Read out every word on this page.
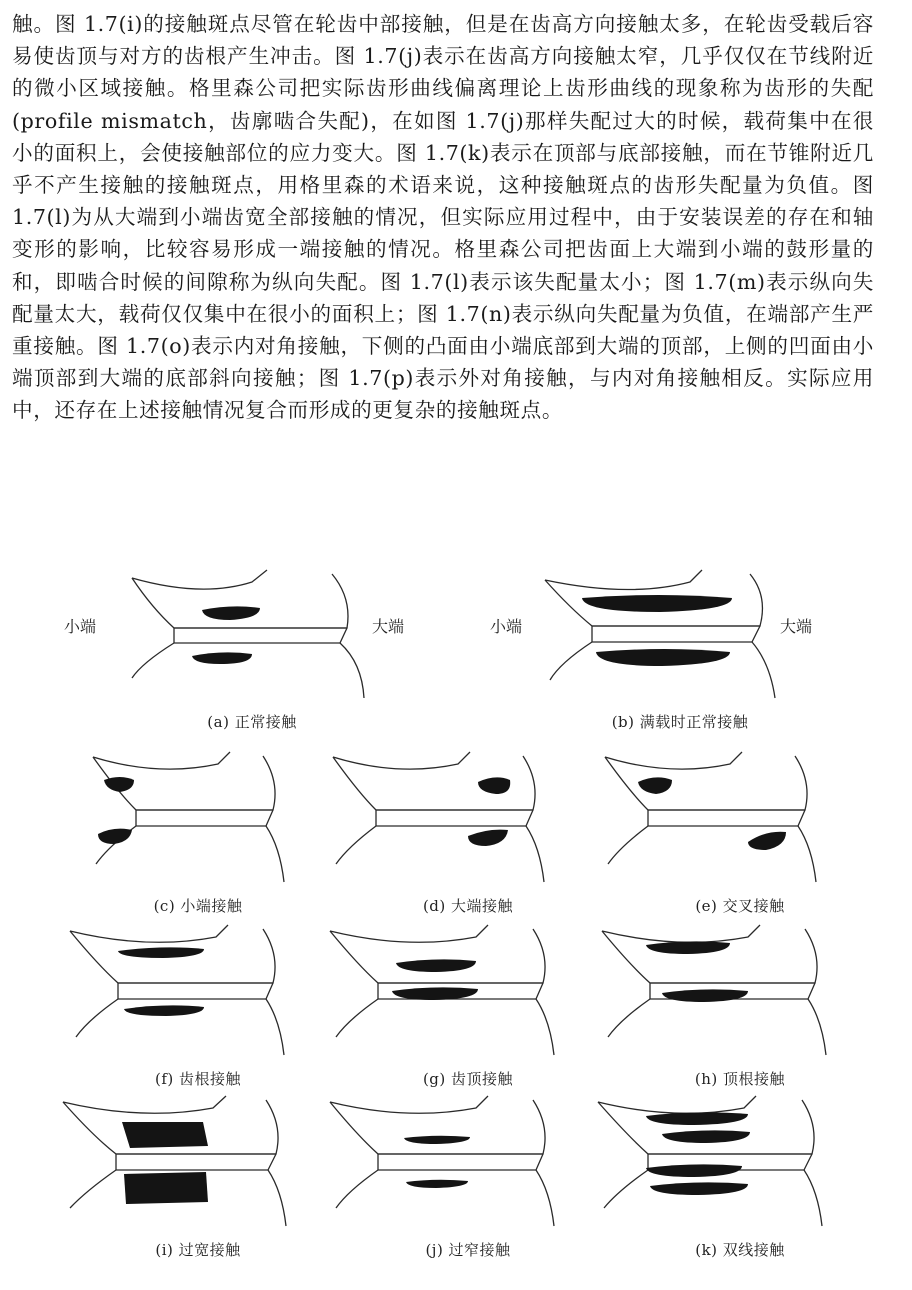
触。图 1.7(i)的接触斑点尽管在轮齿中部接触，但是在齿高方向接触太多，在轮齿受载后容易使齿顶与对方的齿根产生冲击。图 1.7(j)表示在齿高方向接触太窄，几乎仅仅在节线附近的微小区域接触。格里森公司把实际齿形曲线偏离理论上齿形曲线的现象称为齿形的失配(profile mismatch，齿廓啮合失配)，在如图 1.7(j)那样失配过大的时候，载荷集中在很小的面积上，会使接触部位的应力变大。图 1.7(k)表示在顶部与底部接触，而在节锥附近几乎不产生接触的接触斑点，用格里森的术语来说，这种接触斑点的齿形失配量为负值。图 1.7(l)为从大端到小端齿宽全部接触的情况，但实际应用过程中，由于安装误差的存在和轴变形的影响，比较容易形成一端接触的情况。格里森公司把齿面上大端到小端的鼓形量的和，即啮合时候的间隙称为纵向失配。图 1.7(l)表示该失配量太小；图 1.7(m)表示纵向失配量太大，载荷仅仅集中在很小的面积上；图 1.7(n)表示纵向失配量为负值，在端部产生严重接触。图 1.7(o)表示内对角接触，下侧的凸面由小端底部到大端的顶部，上侧的凹面由小端顶部到大端的底部斜向接触；图 1.7(p)表示外对角接触，与内对角接触相反。实际应用中，还存在上述接触情况复合而形成的更复杂的接触斑点。

小端	大端
(a) 正常接触
小端	大端
(b) 满载时正常接触
(c) 小端接触	(d) 大端接触	(e) 交叉接触
(f) 齿根接触	(g) 齿顶接触	(h) 顶根接触
(i) 过宽接触	(j) 过窄接触	(k) 双线接触
